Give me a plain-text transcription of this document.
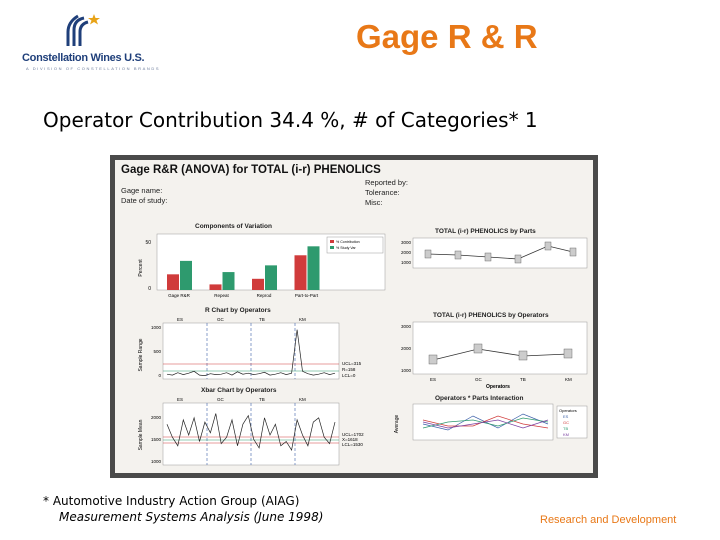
Constellation Wines U.S.
A DIVISION OF CONSTELLATION BRANDS
Gage R & R
Operator Contribution 34.4 %, # of Categories* 1
Gage R&R (ANOVA) for TOTAL (i-r) PHENOLICS
Gage name:
Date of study:
Reported by:
Tolerance:
Misc:
Components of Variation
50
0
Percent
Gage R&R	Repeat	Reprod	Part-to-Part
% Contribution
% Study Var
TOTAL (i-r) PHENOLICS by Parts
3000
2000
1000
R Chart by Operators
ES	GC	TB	KM
Sample Range
1000
500
0
UCL=315
R=158
LCL=0
TOTAL (i-r) PHENOLICS by Operators
3000
2000
1000
ES	GC	TB	KM
Operators
Xbar Chart by Operators
ES	GC	TB	KM
Sample Mean
2000
1500
1000
UCL=1702
X=1618
LCL=1530
Operators * Parts Interaction
Average
Operators
ES
GC
TB
KM
* Automotive Industry Action Group (AIAG)
Measurement Systems Analysis (June 1998)	Research and Development
